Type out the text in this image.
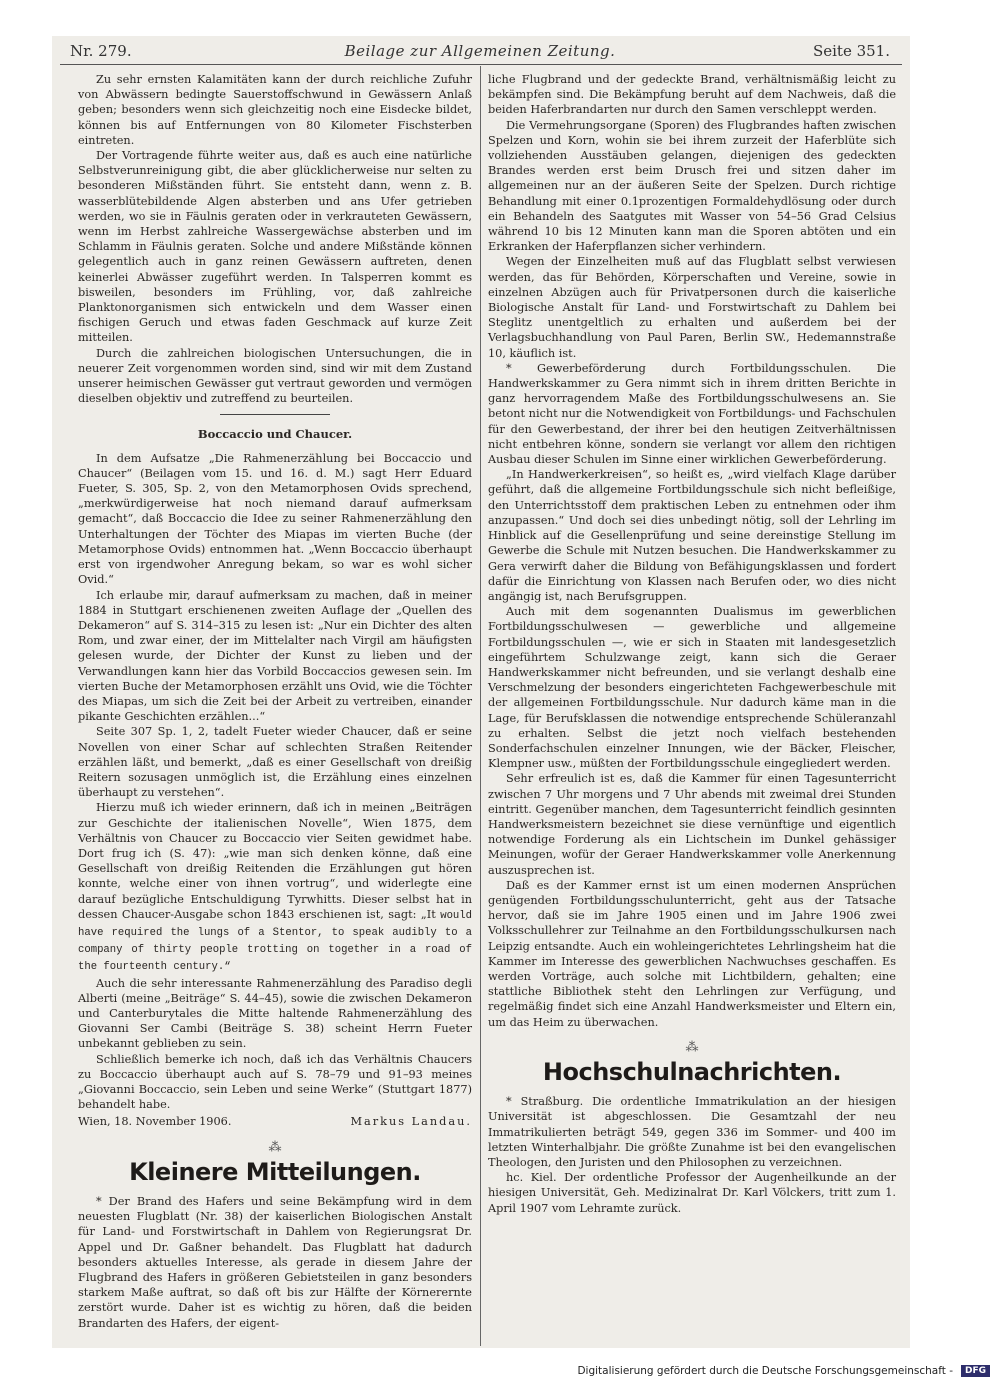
Nr. 279.	Beilage zur Allgemeinen Zeitung.	Seite 351.

Zu sehr ernsten Kalamitäten kann der durch reichliche Zufuhr von Abwässern bedingte Sauerstoffschwund in Gewässern Anlaß geben; besonders wenn sich gleichzeitig noch eine Eisdecke bildet, können bis auf Entfernungen von 80 Kilometer Fischsterben eintreten.

Der Vortragende führte weiter aus, daß es auch eine natürliche Selbstverunreinigung gibt, die aber glücklicherweise nur selten zu besonderen Mißständen führt. Sie entsteht dann, wenn z. B. wasserblütebildende Algen absterben und ans Ufer getrieben werden, wo sie in Fäulnis geraten oder in verkrauteten Gewässern, wenn im Herbst zahlreiche Wassergewächse absterben und im Schlamm in Fäulnis geraten. Solche und andere Mißstände können gelegentlich auch in ganz reinen Gewässern auftreten, denen keinerlei Abwässer zugeführt werden. In Talsperren kommt es bisweilen, besonders im Frühling, vor, daß zahlreiche Planktonorganismen sich entwickeln und dem Wasser einen fischigen Geruch und etwas faden Geschmack auf kurze Zeit mitteilen.

Durch die zahlreichen biologischen Untersuchungen, die in neuerer Zeit vorgenommen worden sind, sind wir mit dem Zustand unserer heimischen Gewässer gut vertraut geworden und vermögen dieselben objektiv und zutreffend zu beurteilen.

Boccaccio und Chaucer.

In dem Aufsatze „Die Rahmenerzählung bei Boccaccio und Chaucer“ (Beilagen vom 15. und 16. d. M.) sagt Herr Eduard Fueter, S. 305, Sp. 2, von den Metamorphosen Ovids sprechend, „merkwürdigerweise hat noch niemand darauf aufmerksam gemacht“, daß Boccaccio die Idee zu seiner Rahmenerzählung den Unterhaltungen der Töchter des Miapas im vierten Buche (der Metamorphose Ovids) entnommen hat. „Wenn Boccaccio überhaupt erst von irgendwoher Anregung bekam, so war es wohl sicher Ovid.“

Ich erlaube mir, darauf aufmerksam zu machen, daß in meiner 1884 in Stuttgart erschienenen zweiten Auflage der „Quellen des Dekameron“ auf S. 314–315 zu lesen ist: „Nur ein Dichter des alten Rom, und zwar einer, der im Mittelalter nach Virgil am häufigsten gelesen wurde, der Dichter der Kunst zu lieben und der Verwandlungen kann hier das Vorbild Boccaccios gewesen sein. Im vierten Buche der Metamorphosen erzählt uns Ovid, wie die Töchter des Miapas, um sich die Zeit bei der Arbeit zu vertreiben, einander pikante Geschichten erzählen...“

Seite 307 Sp. 1, 2, tadelt Fueter wieder Chaucer, daß er seine Novellen von einer Schar auf schlechten Straßen Reitender erzählen läßt, und bemerkt, „daß es einer Gesellschaft von dreißig Reitern sozusagen unmöglich ist, die Erzählung eines einzelnen überhaupt zu verstehen“.

Hierzu muß ich wieder erinnern, daß ich in meinen „Beiträgen zur Geschichte der italienischen Novelle“, Wien 1875, dem Verhältnis von Chaucer zu Boccaccio vier Seiten gewidmet habe. Dort frug ich (S. 47): „wie man sich denken könne, daß eine Gesellschaft von dreißig Reitenden die Erzählungen gut hören konnte, welche einer von ihnen vortrug“, und widerlegte eine darauf bezügliche Entschuldigung Tyrwhitts. Dieser selbst hat in dessen Chaucer-Ausgabe schon 1843 erschienen ist, sagt: „It would have required the lungs of a Stentor, to speak audibly to a company of thirty people trotting on together in a road of the fourteenth century.“

Auch die sehr interessante Rahmenerzählung des Paradiso degli Alberti (meine „Beiträge“ S. 44–45), sowie die zwischen Dekameron und Canterburytales die Mitte haltende Rahmenerzählung des Giovanni Ser Cambi (Beiträge S. 38) scheint Herrn Fueter unbekannt geblieben zu sein.

Schließlich bemerke ich noch, daß ich das Verhältnis Chaucers zu Boccaccio überhaupt auch auf S. 78–79 und 91–93 meines „Giovanni Boccaccio, sein Leben und seine Werke“ (Stuttgart 1877) behandelt habe.

Wien, 18. November 1906.	Markus Landau.
⁂
Kleinere Mitteilungen.

* Der Brand des Hafers und seine Bekämpfung wird in dem neuesten Flugblatt (Nr. 38) der kaiserlichen Biologischen Anstalt für Land- und Forstwirtschaft in Dahlem von Regierungsrat Dr. Appel und Dr. Gaßner behandelt. Das Flugblatt hat dadurch besonders aktuelles Interesse, als gerade in diesem Jahre der Flugbrand des Hafers in größeren Gebietsteilen in ganz besonders starkem Maße auftrat, so daß oft bis zur Hälfte der Körnerernte zerstört wurde. Daher ist es wichtig zu hören, daß die beiden Brandarten des Hafers, der eigent-

liche Flugbrand und der gedeckte Brand, verhältnismäßig leicht zu bekämpfen sind. Die Bekämpfung beruht auf dem Nachweis, daß die beiden Haferbrandarten nur durch den Samen verschleppt werden.

Die Vermehrungsorgane (Sporen) des Flugbrandes haften zwischen Spelzen und Korn, wohin sie bei ihrem zurzeit der Haferblüte sich vollziehenden Ausstäuben gelangen, diejenigen des gedeckten Brandes werden erst beim Drusch frei und sitzen daher im allgemeinen nur an der äußeren Seite der Spelzen. Durch richtige Behandlung mit einer 0.1prozentigen Formaldehydlösung oder durch ein Behandeln des Saatgutes mit Wasser von 54–56 Grad Celsius während 10 bis 12 Minuten kann man die Sporen abtöten und ein Erkranken der Haferpflanzen sicher verhindern.

Wegen der Einzelheiten muß auf das Flugblatt selbst verwiesen werden, das für Behörden, Körperschaften und Vereine, sowie in einzelnen Abzügen auch für Privatpersonen durch die kaiserliche Biologische Anstalt für Land- und Forstwirtschaft zu Dahlem bei Steglitz unentgeltlich zu erhalten und außerdem bei der Verlagsbuchhandlung von Paul Paren, Berlin SW., Hedemannstraße 10, käuflich ist.

* Gewerbeförderung durch Fortbildungsschulen. Die Handwerkskammer zu Gera nimmt sich in ihrem dritten Berichte in ganz hervorragendem Maße des Fortbildungsschulwesens an. Sie betont nicht nur die Notwendigkeit von Fortbildungs- und Fachschulen für den Gewerbestand, der ihrer bei den heutigen Zeitverhältnissen nicht entbehren könne, sondern sie verlangt vor allem den richtigen Ausbau dieser Schulen im Sinne einer wirklichen Gewerbeförderung.

„In Handwerkerkreisen“, so heißt es, „wird vielfach Klage darüber geführt, daß die allgemeine Fortbildungsschule sich nicht befleißige, den Unterrichtsstoff dem praktischen Leben zu entnehmen oder ihm anzupassen.“ Und doch sei dies unbedingt nötig, soll der Lehrling im Hinblick auf die Gesellenprüfung und seine dereinstige Stellung im Gewerbe die Schule mit Nutzen besuchen. Die Handwerkskammer zu Gera verwirft daher die Bildung von Befähigungsklassen und fordert dafür die Einrichtung von Klassen nach Berufen oder, wo dies nicht angängig ist, nach Berufsgruppen.

Auch mit dem sogenannten Dualismus im gewerblichen Fortbildungsschulwesen — gewerbliche und allgemeine Fortbildungsschulen —, wie er sich in Staaten mit landesgesetzlich eingeführtem Schulzwange zeigt, kann sich die Geraer Handwerkskammer nicht befreunden, und sie verlangt deshalb eine Verschmelzung der besonders eingerichteten Fachgewerbeschule mit der allgemeinen Fortbildungsschule. Nur dadurch käme man in die Lage, für Berufsklassen die notwendige entsprechende Schüleranzahl zu erhalten. Selbst die jetzt noch vielfach bestehenden Sonderfachschulen einzelner Innungen, wie der Bäcker, Fleischer, Klempner usw., müßten der Fortbildungsschule eingegliedert werden.

Sehr erfreulich ist es, daß die Kammer für einen Tagesunterricht zwischen 7 Uhr morgens und 7 Uhr abends mit zweimal drei Stunden eintritt. Gegenüber manchen, dem Tagesunterricht feindlich gesinnten Handwerksmeistern bezeichnet sie diese vernünftige und eigentlich notwendige Forderung als ein Lichtschein im Dunkel gehässiger Meinungen, wofür der Geraer Handwerkskammer volle Anerkennung auszusprechen ist.

Daß es der Kammer ernst ist um einen modernen Ansprüchen genügenden Fortbildungsschulunterricht, geht aus der Tatsache hervor, daß sie im Jahre 1905 einen und im Jahre 1906 zwei Volksschullehrer zur Teilnahme an den Fortbildungsschulkursen nach Leipzig entsandte. Auch ein wohleingerichtetes Lehrlingsheim hat die Kammer im Interesse des gewerblichen Nachwuchses geschaffen. Es werden Vorträge, auch solche mit Lichtbildern, gehalten; eine stattliche Bibliothek steht den Lehrlingen zur Verfügung, und regelmäßig findet sich eine Anzahl Handwerksmeister und Eltern ein, um das Heim zu überwachen.

⁂
Hochschulnachrichten.

* Straßburg. Die ordentliche Immatrikulation an der hiesigen Universität ist abgeschlossen. Die Gesamtzahl der neu Immatrikulierten beträgt 549, gegen 336 im Sommer- und 400 im letzten Winterhalbjahr. Die größte Zunahme ist bei den evangelischen Theologen, den Juristen und den Philosophen zu verzeichnen.

hc. Kiel. Der ordentliche Professor der Augenheilkunde an der hiesigen Universität, Geh. Medizinalrat Dr. Karl Völckers, tritt zum 1. April 1907 vom Lehramte zurück.

Digitalisierung gefördert durch die Deutsche Forschungsgemeinschaft -	DFG
